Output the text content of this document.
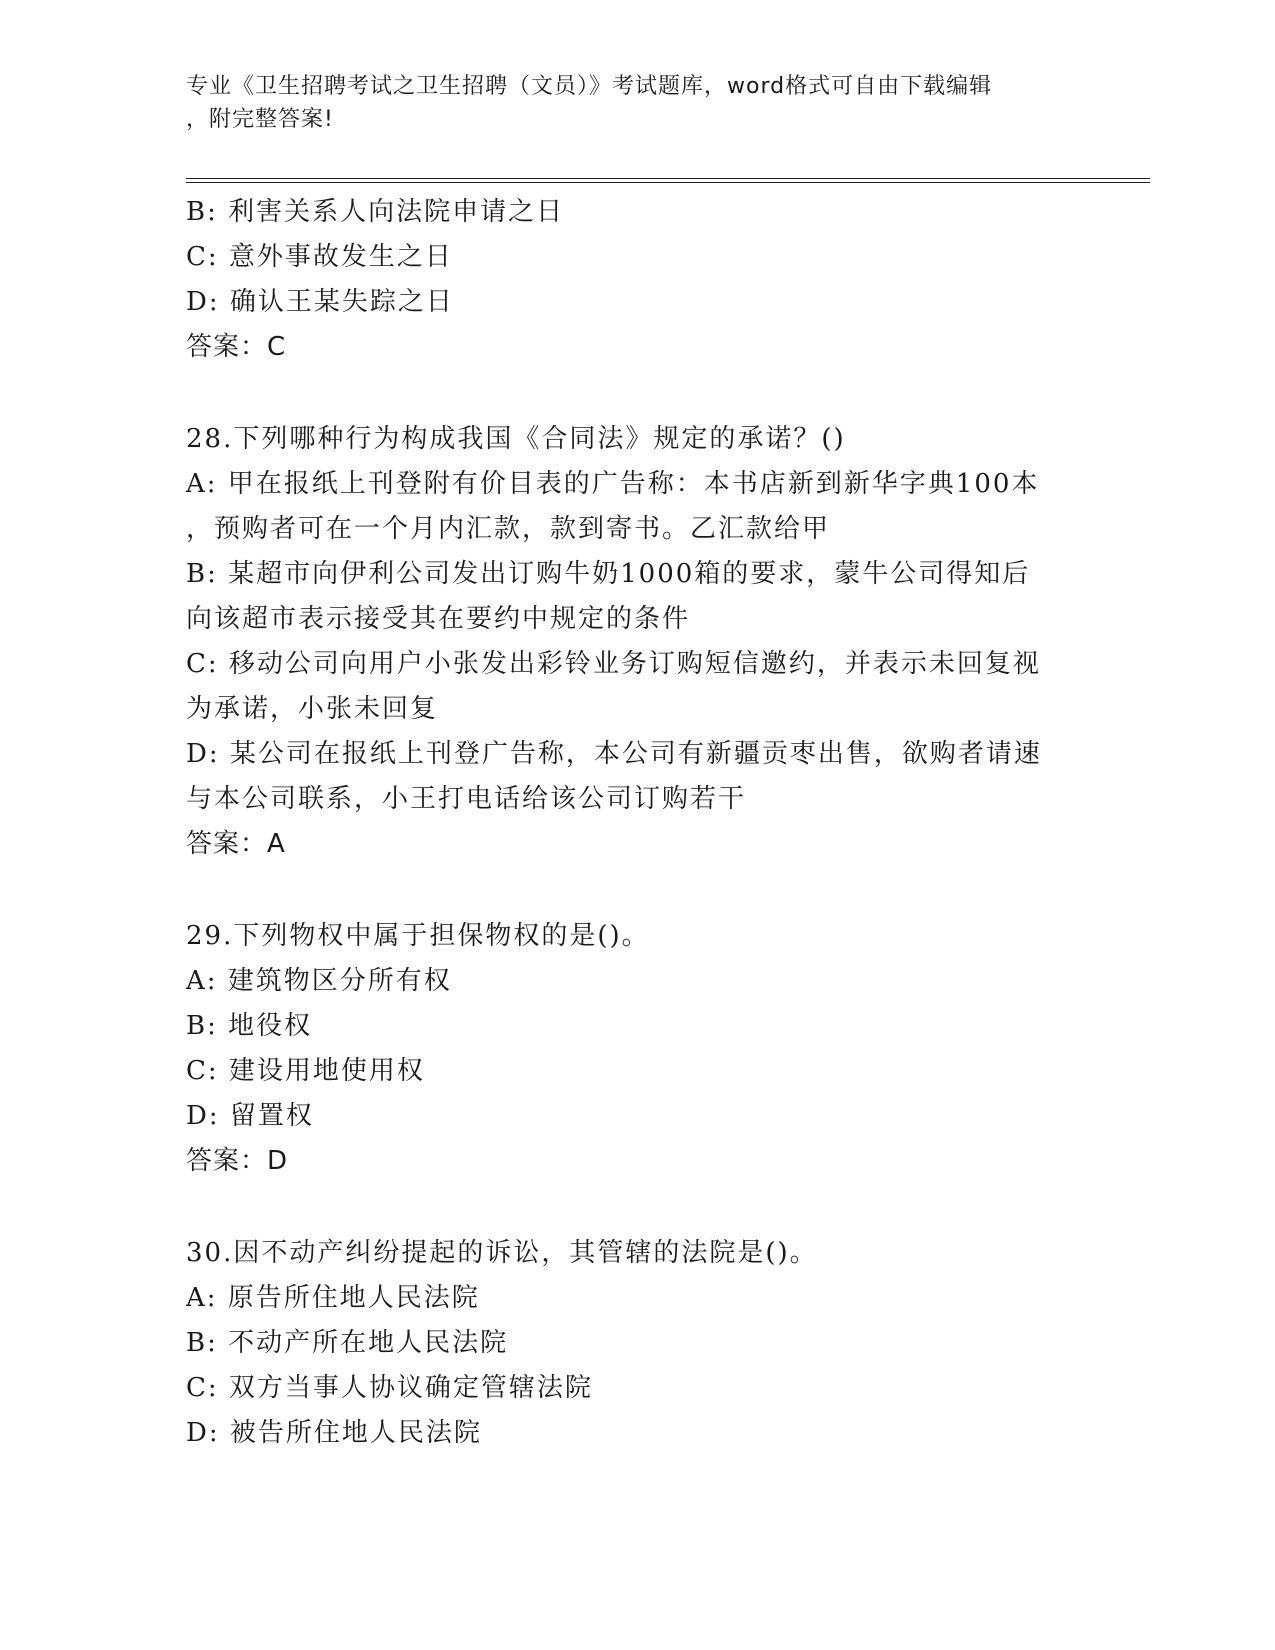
专业《卫生招聘考试之卫生招聘（文员）》考试题库，word格式可自由下载编辑
，附完整答案!
B: 利害关系人向法院申请之日
C: 意外事故发生之日
D: 确认王某失踪之日
答案：C
28.下列哪种行为构成我国《合同法》规定的承诺？()
A: 甲在报纸上刊登附有价目表的广告称：本书店新到新华字典100本
，预购者可在一个月内汇款，款到寄书。乙汇款给甲
B: 某超市向伊利公司发出订购牛奶1000箱的要求，蒙牛公司得知后
向该超市表示接受其在要约中规定的条件
C: 移动公司向用户小张发出彩铃业务订购短信邀约，并表示未回复视
为承诺，小张未回复
D: 某公司在报纸上刊登广告称，本公司有新疆贡枣出售，欲购者请速
与本公司联系，小王打电话给该公司订购若干
答案：A
29.下列物权中属于担保物权的是()。
A: 建筑物区分所有权
B: 地役权
C: 建设用地使用权
D: 留置权
答案：D
30.因不动产纠纷提起的诉讼，其管辖的法院是()。
A: 原告所住地人民法院
B: 不动产所在地人民法院
C: 双方当事人协议确定管辖法院
D: 被告所住地人民法院
